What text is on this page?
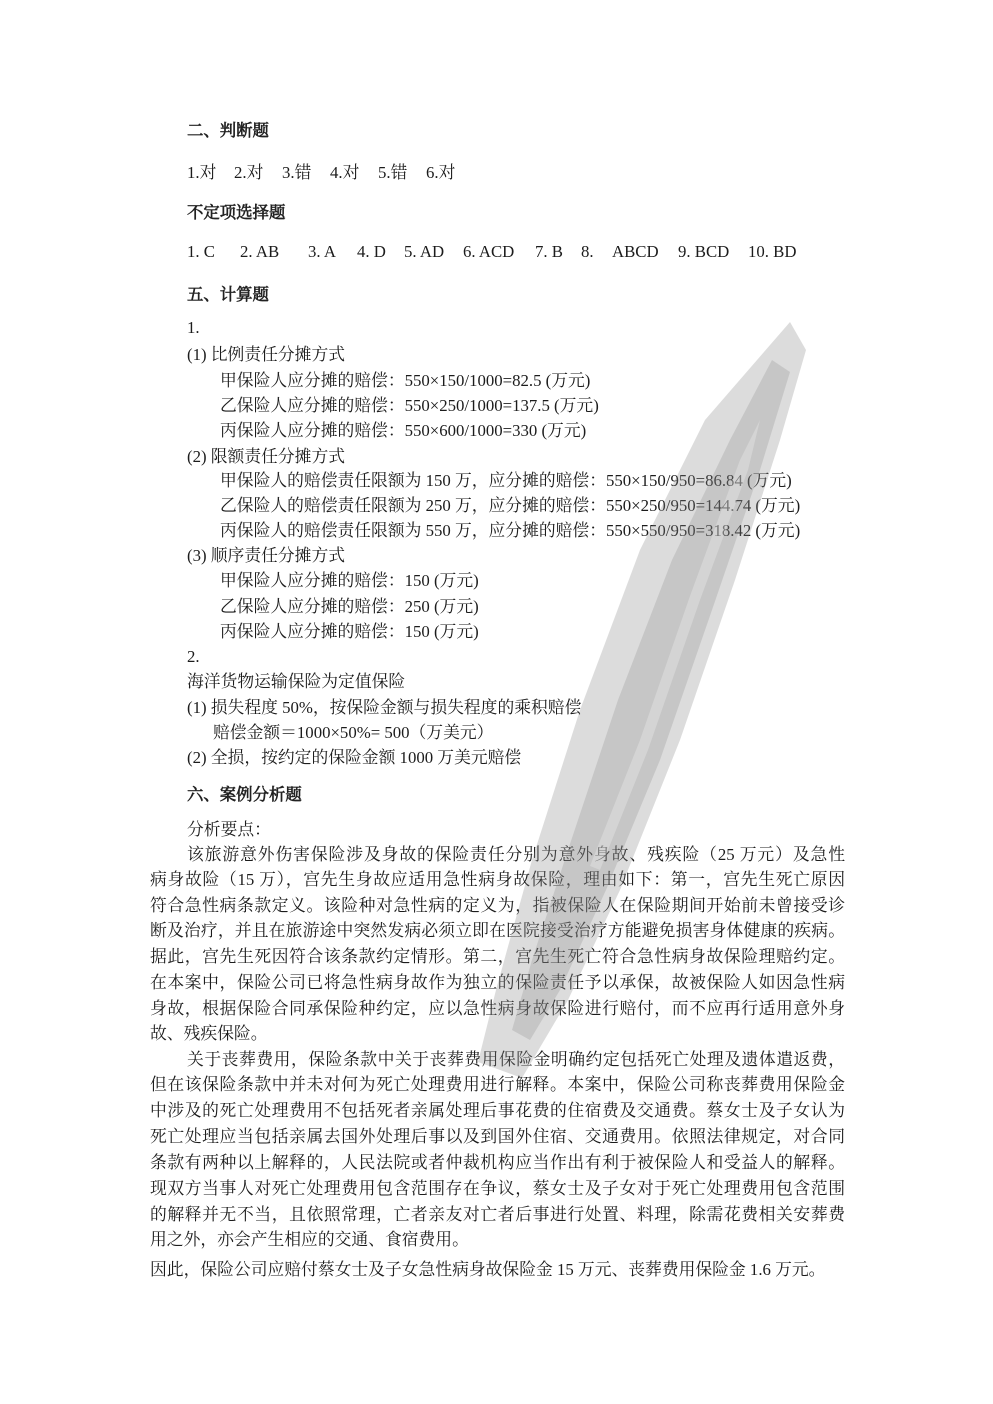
二、判断题
1.对 2.对 3.错 4.对 5.错 6.对
不定项选择题
1. C 2. AB 3. A 4. D 5. AD 6. ACD 7. B 8. ABCD 9. BCD 10. BD
五、计算题
1.
(1) 比例责任分摊方式
甲保险人应分摊的赔偿：550×150/1000=82.5 (万元)
乙保险人应分摊的赔偿：550×250/1000=137.5 (万元)
丙保险人应分摊的赔偿：550×600/1000=330 (万元)
(2) 限额责任分摊方式
甲保险人的赔偿责任限额为 150 万，应分摊的赔偿：550×150/950=86.84 (万元)
乙保险人的赔偿责任限额为 250 万，应分摊的赔偿：550×250/950=144.74 (万元)
丙保险人的赔偿责任限额为 550 万，应分摊的赔偿：550×550/950=318.42 (万元)
(3) 顺序责任分摊方式
甲保险人应分摊的赔偿：150 (万元)
乙保险人应分摊的赔偿：250 (万元)
丙保险人应分摊的赔偿：150 (万元)
2.
海洋货物运输保险为定值保险
(1) 损失程度 50%，按保险金额与损失程度的乘积赔偿
赔偿金额＝1000×50%= 500（万美元）
(2) 全损，按约定的保险金额 1000 万美元赔偿
六、案例分析题
分析要点：
该旅游意外伤害保险涉及身故的保险责任分别为意外身故、残疾险（25 万元）及急性
病身故险（15 万），宫先生身故应适用急性病身故保险，理由如下：第一，宫先生死亡原因
符合急性病条款定义。该险种对急性病的定义为，指被保险人在保险期间开始前未曾接受诊
断及治疗，并且在旅游途中突然发病必须立即在医院接受治疗方能避免损害身体健康的疾病。
据此，宫先生死因符合该条款约定情形。第二，宫先生死亡符合急性病身故保险理赔约定。
在本案中，保险公司已将急性病身故作为独立的保险责任予以承保，故被保险人如因急性病
身故，根据保险合同承保险种约定，应以急性病身故保险进行赔付，而不应再行适用意外身
故、残疾保险。
关于丧葬费用，保险条款中关于丧葬费用保险金明确约定包括死亡处理及遗体遣返费，
但在该保险条款中并未对何为死亡处理费用进行解释。本案中，保险公司称丧葬费用保险金
中涉及的死亡处理费用不包括死者亲属处理后事花费的住宿费及交通费。蔡女士及子女认为
死亡处理应当包括亲属去国外处理后事以及到国外住宿、交通费用。依照法律规定，对合同
条款有两种以上解释的，人民法院或者仲裁机构应当作出有利于被保险人和受益人的解释。
现双方当事人对死亡处理费用包含范围存在争议，蔡女士及子女对于死亡处理费用包含范围
的解释并无不当，且依照常理，亡者亲友对亡者后事进行处置、料理，除需花费相关安葬费
用之外，亦会产生相应的交通、食宿费用。
因此，保险公司应赔付蔡女士及子女急性病身故保险金 15 万元、丧葬费用保险金 1.6 万元。
